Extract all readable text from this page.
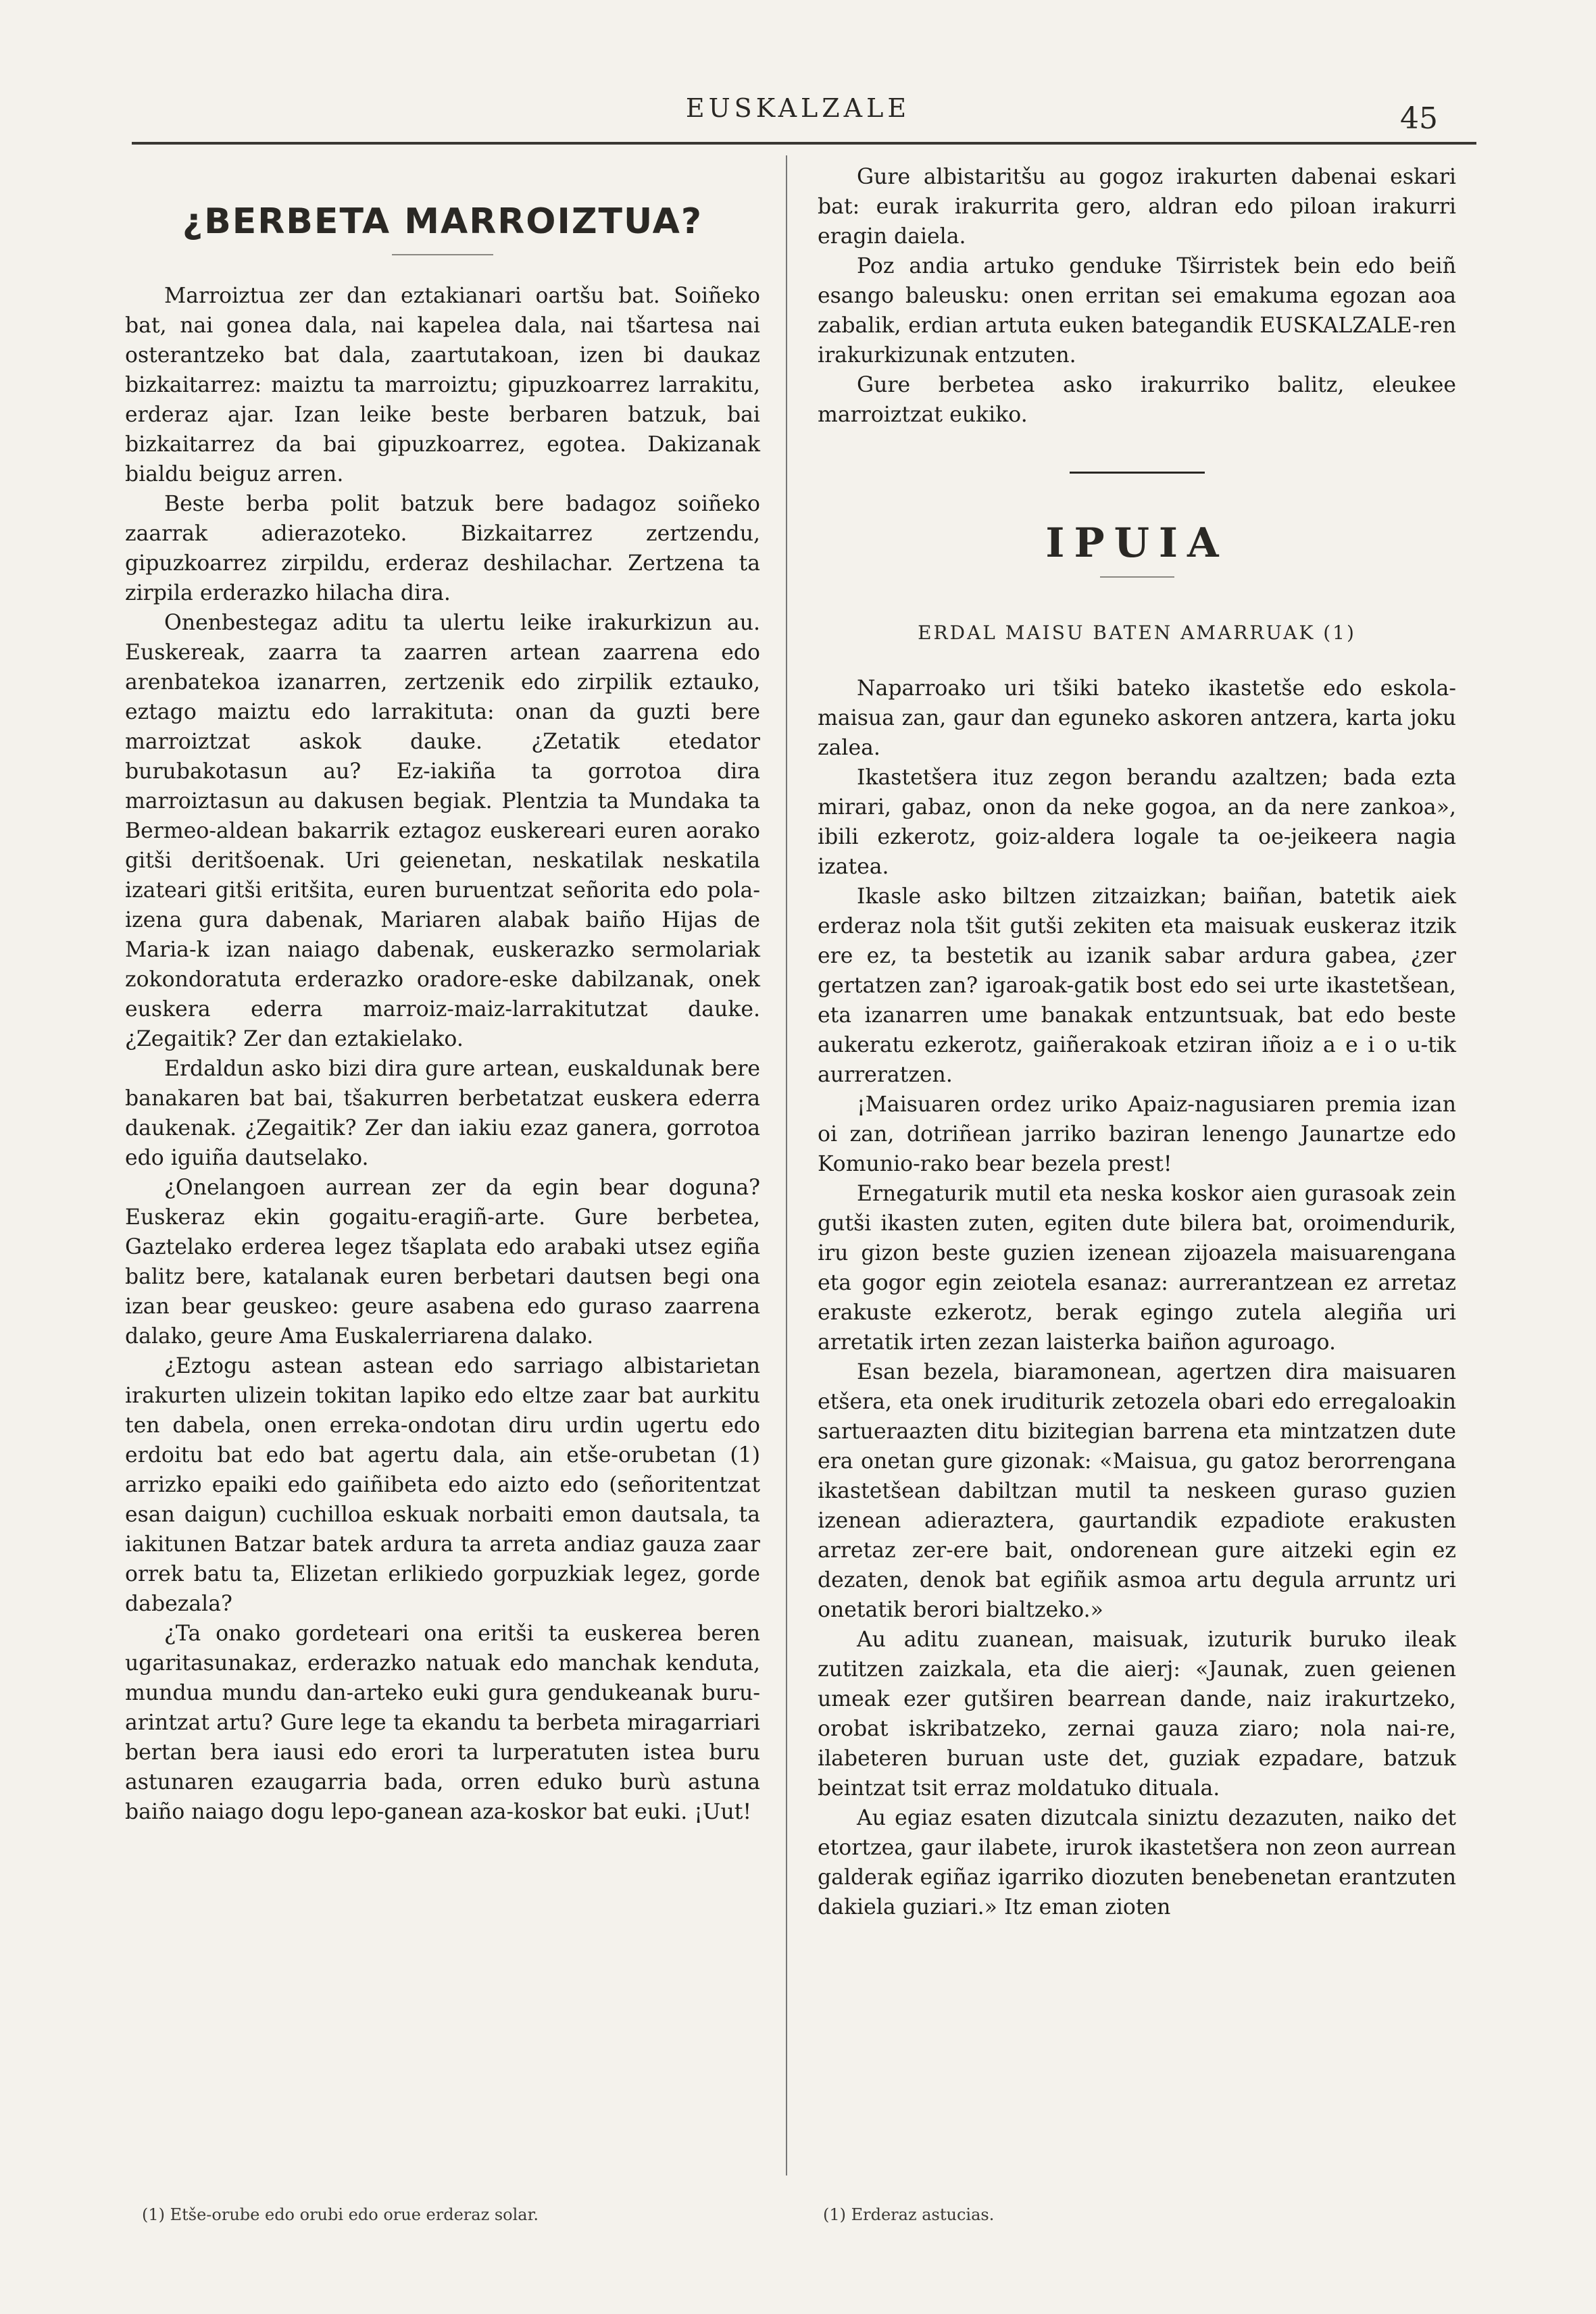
EUSKALZALE	45
¿BERBETA MARROIZTUA?

Marroiztua zer dan eztakianari oartšu bat. Soiñeko bat, nai gonea dala, nai kapelea dala, nai tšartesa nai osterantzeko bat dala, zaartutakoan, izen bi daukaz bizkaitarrez: maiztu ta marroiztu; gipuzkoarrez larrakitu, erderaz ajar. Izan leike beste berbaren batzuk, bai bizkaitarrez da bai gipuzkoarrez, egotea. Dakizanak bialdu beiguz arren.

Beste berba polit batzuk bere badagoz soiñeko zaarrak adierazoteko. Bizkaitarrez zertzendu, gipuzkoarrez zirpildu, erderaz deshilachar. Zertzena ta zirpila erderazko hilacha dira.

Onenbestegaz aditu ta ulertu leike irakurkizun au. Euskereak, zaarra ta zaarren artean zaarrena edo arenbatekoa izanarren, zertzenik edo zirpilik eztauko, eztago maiztu edo larrakituta: onan da guzti bere marroiztzat askok dauke. ¿Zetatik etedator burubakotasun au? Ez-iakiña ta gorrotoa dira marroiztasun au dakusen begiak. Plentzia ta Mundaka ta Bermeo-aldean bakarrik eztagoz euskereari euren aorako gitši deritšoenak. Uri geienetan, neskatilak neskatila izateari gitši eritšita, euren buruentzat señorita edo pola-izena gura dabenak, Mariaren alabak baiño Hijas de Maria-k izan naiago dabenak, euskerazko sermolariak zokondoratuta erderazko oradore-eske dabilzanak, onek euskera ederra marroiz-maiz-larrakitutzat dauke. ¿Zegaitik? Zer dan eztakielako.

Erdaldun asko bizi dira gure artean, euskaldunak bere banakaren bat bai, tšakurren berbetatzat euskera ederra daukenak. ¿Zegaitik? Zer dan iakiu ezaz ganera, gorrotoa edo iguiña dautselako.

¿Onelangoen aurrean zer da egin bear doguna? Euskeraz ekin gogaitu-eragiñ-arte. Gure berbetea, Gaztelako erderea legez tšaplata edo arabaki utsez egiña balitz bere, katalanak euren berbetari dautsen begi ona izan bear geuskeo: geure asabena edo guraso zaarrena dalako, geure Ama Euskalerriarena dalako.

¿Eztogu astean astean edo sarriago albistarietan irakurten ulizein tokitan lapiko edo eltze zaar bat aurkitu ten dabela, onen erreka-ondotan diru urdin ugertu edo erdoitu bat edo bat agertu dala, ain etše-orubetan (1) arrizko epaiki edo gaiñibeta edo aizto edo (señoritentzat esan daigun) cuchilloa eskuak norbaiti emon dautsala, ta iakitunen Batzar batek ardura ta arreta andiaz gauza zaar orrek batu ta, Elizetan erlikiedo gorpuzkiak legez, gorde dabezala?

¿Ta onako gordeteari ona eritši ta euskerea beren ugaritasunakaz, erderazko natuak edo manchak kenduta, mundua mundu dan-arteko euki gura gendukeanak buru-arintzat artu? Gure lege ta ekandu ta berbeta miragarriari bertan bera iausi edo erori ta lurperatuten istea buru astunaren ezaugarria bada, orren eduko burù astuna baiño naiago dogu lepo-ganean aza-koskor bat euki. ¡Uut!

Gure albistaritšu au gogoz irakurten dabenai eskari bat: eurak irakurrita gero, aldran edo piloan irakurri eragin daiela.

Poz andia artuko genduke Tširristek bein edo beiñ esango baleusku: onen erritan sei emakuma egozan aoa zabalik, erdian artuta euken bategandik EUSKALZALE-ren irakurkizunak entzuten.

Gure berbetea asko irakurriko balitz, eleukee marroiztzat eukiko.

IPUIA
ERDAL MAISU BATEN AMARRUAK (1)

Naparroako uri tšiki bateko ikastetše edo eskola-maisua zan, gaur dan eguneko askoren antzera, karta joku zalea.

Ikastetšera ituz zegon berandu azaltzen; bada ezta mirari, gabaz, onon da neke gogoa, an da nere zankoa», ibili ezkerotz, goiz-aldera logale ta oe-jeikeera nagia izatea.

Ikasle asko biltzen zitzaizkan; baiñan, batetik aiek erderaz nola tšit gutši zekiten eta maisuak euskeraz itzik ere ez, ta bestetik au izanik sabar ardura gabea, ¿zer gertatzen zan? igaroak-gatik bost edo sei urte ikastetšean, eta izanarren ume banakak entzuntsuak, bat edo beste aukeratu ezkerotz, gaiñerakoak etziran iñoiz a e i o u-tik aurreratzen.

¡Maisuaren ordez uriko Apaiz-nagusiaren premia izan oi zan, dotriñean jarriko baziran lenengo Jaunartze edo Komunio-rako bear bezela prest!

Ernegaturik mutil eta neska koskor aien gurasoak zein gutši ikasten zuten, egiten dute bilera bat, oroimendurik, iru gizon beste guzien izenean zijoazela maisuarengana eta gogor egin zeiotela esanaz: aurrerantzean ez arretaz erakuste ezkerotz, berak egingo zutela alegiña uri arretatik irten zezan laisterka baiñon aguroago.

Esan bezela, biaramonean, agertzen dira maisuaren etšera, eta onek iruditurik zetozela obari edo erregaloakin sartueraazten ditu bizitegian barrena eta mintzatzen dute era onetan gure gizonak: «Maisua, gu gatoz berorrengana ikastetšean dabiltzan mutil ta neskeen guraso guzien izenean adieraztera, gaurtandik ezpadiote erakusten arretaz zer-ere bait, ondorenean gure aitzeki egin ez dezaten, denok bat egiñik asmoa artu degula arruntz uri onetatik berori bialtzeko.»

Au aditu zuanean, maisuak, izuturik buruko ileak zutitzen zaizkala, eta die aierj: «Jaunak, zuen geienen umeak ezer gutširen bearrean dande, naiz irakurtzeko, orobat iskribatzeko, zernai gauza ziaro; nola nai-re, ilabeteren buruan uste det, guziak ezpadare, batzuk beintzat tsit erraz moldatuko dituala.

Au egiaz esaten dizutcala siniztu dezazuten, naiko det etortzea, gaur ilabete, irurok ikastetšera non zeon aurrean galderak egiñaz igarriko diozuten benebenetan erantzuten dakiela guziari.» Itz eman zioten

(1) Etše-orube edo orubi edo orue erderaz solar.	(1) Erderaz astucias.
